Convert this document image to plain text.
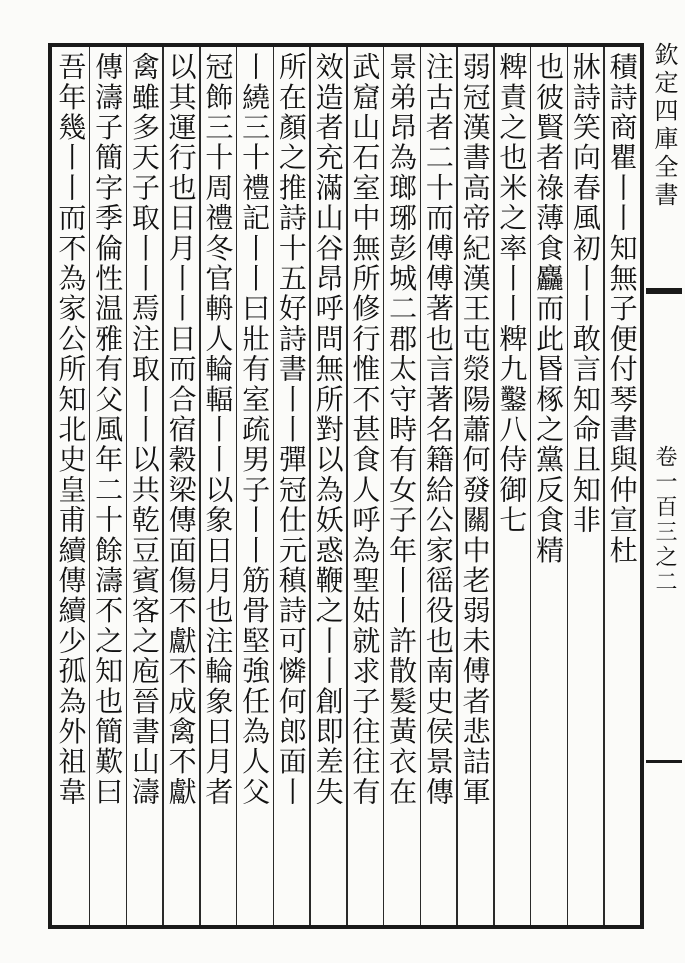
欽定四庫全書
卷一百三之二
積詩商瞿丨丨知無子便付琴書與仲宣杜
牀詩笑向春風初丨丨敢言知命且知非
也彼賢者祿薄食麤而此昬椓之黨反食精
粺責之也米之率丨丨粺九鑿八侍御七
弱冠漢書高帝紀漢王屯滎陽蕭何發關中老弱未傅者悲詰軍
注古者二十而傅傅著也言著名籍給公家徭役也南史侯景傳
景弟昂為瑯琊彭城二郡太守時有女子年丨丨許散髮黃衣在
武窟山石室中無所修行惟不甚食人呼為聖姑就求子往往有
效造者充滿山谷昂呼問無所對以為妖惑鞭之丨丨創即差失
所在顏之推詩十五好詩書丨丨彈冠仕元稹詩可憐何郎面丨
丨繞三十禮記丨丨曰壯有室疏男子丨丨筋骨堅強任為人父
冠飾三十周禮冬官輈人輪輻丨丨以象日月也注輪象日月者
以其運行也日月丨丨日而合宿穀梁傳面傷不獻不成禽不獻
禽雖多天子取丨丨焉注取丨丨以共乾豆賓客之庖晉書山濤
傳濤子簡字季倫性温雅有父風年二十餘濤不之知也簡歎曰
吾年幾丨丨而不為家公所知北史皇甫續傳續少孤為外祖韋
